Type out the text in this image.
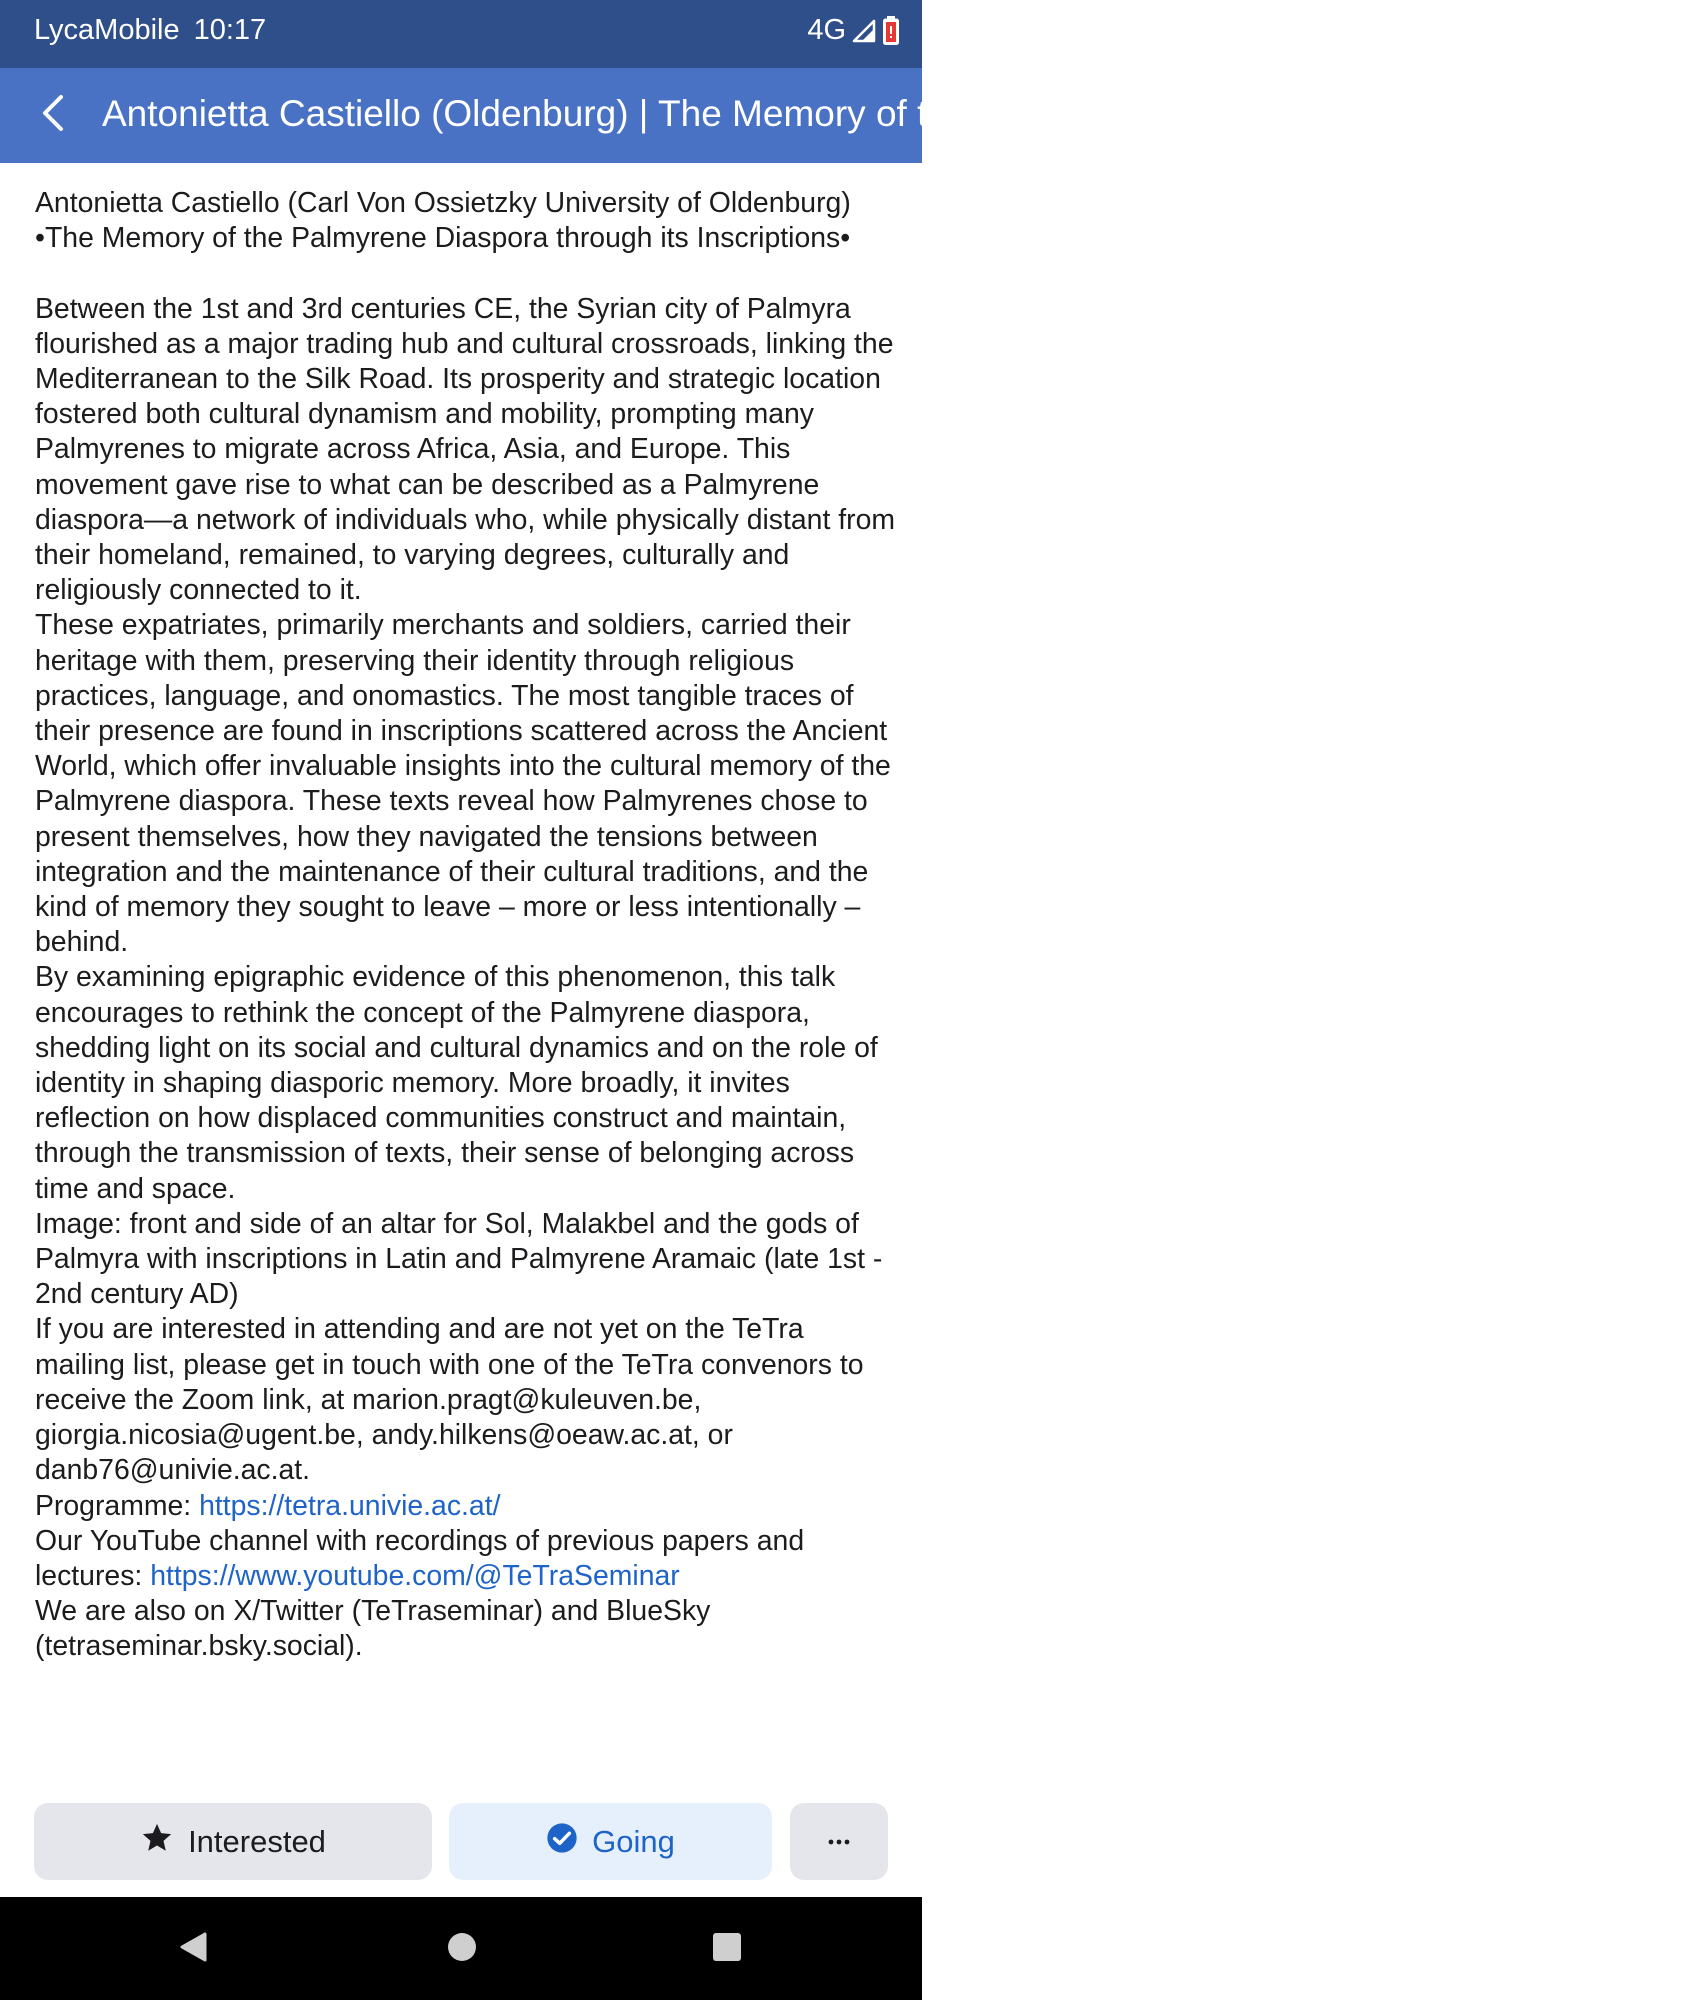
LycaMobile 10:17	4G
Antonietta Castiello (Oldenburg) | The Memory of the Palmyrene Diaspora through its Inscriptions

Antonietta Castiello (Carl Von Ossietzky University of Oldenburg)

•The Memory of the Palmyrene Diaspora through its Inscriptions•

Between the 1st and 3rd centuries CE, the Syrian city of Palmyra flourished as a major trading hub and cultural crossroads, linking the Mediterranean to the Silk Road. Its prosperity and strategic location fostered both cultural dynamism and mobility, prompting many Palmyrenes to migrate across Africa, Asia, and Europe. This movement gave rise to what can be described as a Palmyrene diaspora—a network of individuals who, while physically distant from their homeland, remained, to varying degrees, culturally and religiously connected to it.

These expatriates, primarily merchants and soldiers, carried their heritage with them, preserving their identity through religious practices, language, and onomastics. The most tangible traces of their presence are found in inscriptions scattered across the Ancient World, which offer invaluable insights into the cultural memory of the Palmyrene diaspora. These texts reveal how Palmyrenes chose to present themselves, how they navigated the tensions between integration and the maintenance of their cultural traditions, and the kind of memory they sought to leave – more or less intentionally – behind.

By examining epigraphic evidence of this phenomenon, this talk encourages to rethink the concept of the Palmyrene diaspora, shedding light on its social and cultural dynamics and on the role of identity in shaping diasporic memory. More broadly, it invites reflection on how displaced communities construct and maintain, through the transmission of texts, their sense of belonging across time and space.

Image: front and side of an altar for Sol, Malakbel and the gods of Palmyra with inscriptions in Latin and Palmyrene Aramaic (late 1st - 2nd century AD)

If you are interested in attending and are not yet on the TeTra mailing list, please get in touch with one of the TeTra convenors to receive the Zoom link, at marion.pragt@kuleuven.be, giorgia.nicosia@ugent.be, andy.hilkens@oeaw.ac.at, or danb76@univie.ac.at.

Programme: https://tetra.univie.ac.at/

Our YouTube channel with recordings of previous papers and lectures: https://www.youtube.com/@TeTraSeminar

We are also on X/Twitter (TeTraseminar) and BlueSky (tetraseminar.bsky.social).

Interested	Going
